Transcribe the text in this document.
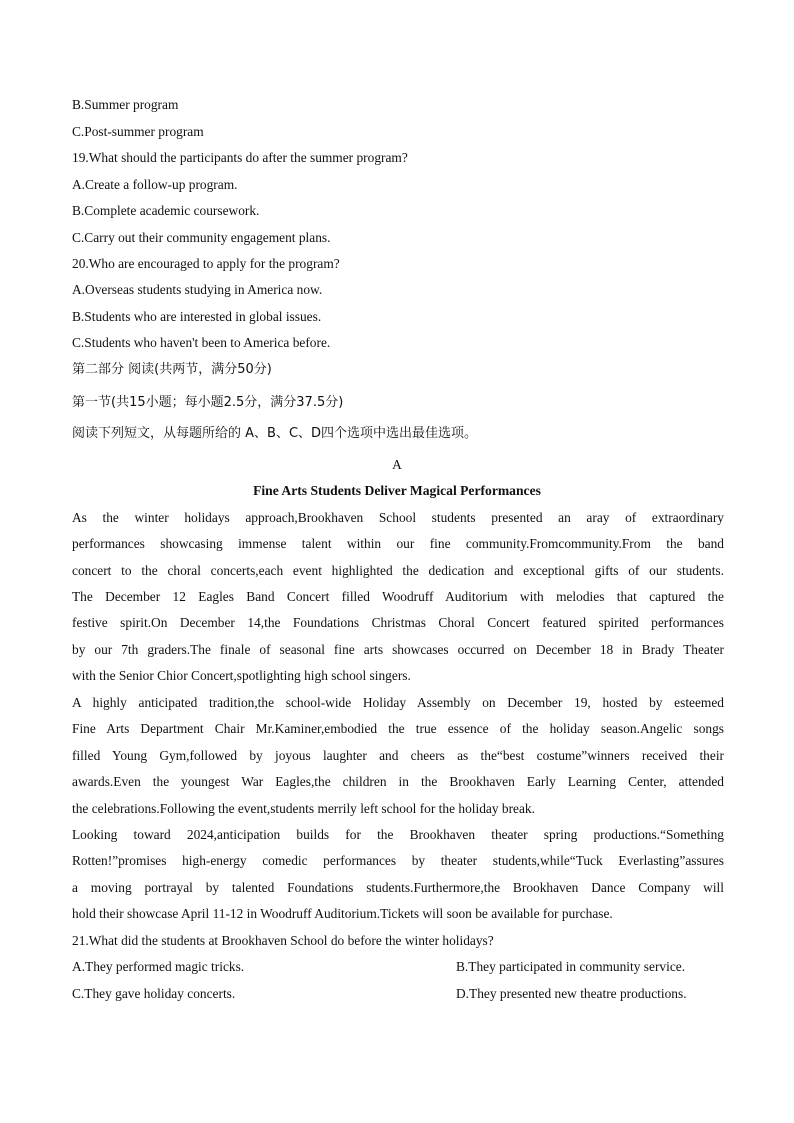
B.Summer program
C.Post-summer program
19.What should the participants do after the summer program?
A.Create a follow-up program.
B.Complete academic coursework.
C.Carry out their community engagement plans.
20.Who are encouraged to apply for the program?
A.Overseas students studying in America now.
B.Students who are interested in global issues.
C.Students who haven't been to America before.
第二部分 阅读(共两节，满分50分)
第一节(共15小题；每小题2.5分，满分37.5分)
阅读下列短文，从每题所给的 A、B、C、D四个选项中选出最佳选项。
A
Fine Arts Students Deliver Magical Performances
As the winter holidays approach,Brookhaven School students presented an aray of extraordinary
performances showcasing immense talent within our fine community.Fromcommunity.From the band
concert to the choral concerts,each event highlighted the dedication and exceptional gifts of our students.
The December 12 Eagles Band Concert filled Woodruff Auditorium with melodies that captured the
festive spirit.On December 14,the Foundations Christmas Choral Concert featured spirited performances
by our 7th graders.The finale of seasonal fine arts showcases occurred on December 18 in Brady Theater
with the Senior Chior Concert,spotlighting high school singers.
A highly anticipated tradition,the school-wide Holiday Assembly on December 19, hosted by esteemed
Fine Arts Department Chair Mr.Kaminer,embodied the true essence of the holiday season.Angelic songs
filled Young Gym,followed by joyous laughter and cheers as the“best costume”winners received their
awards.Even the youngest War Eagles,the children in the Brookhaven Early Learning Center, attended
the celebrations.Following the event,students merrily left school for the holiday break.
Looking toward 2024,anticipation builds for the Brookhaven theater spring productions.“Something
Rotten!”promises high-energy comedic performances by theater students,while“Tuck Everlasting”assures
a moving portrayal by talented Foundations students.Furthermore,the Brookhaven Dance Company will
hold their showcase April 11-12 in Woodruff Auditorium.Tickets will soon be available for purchase.
21.What did the students at Brookhaven School do before the winter holidays?
A.They performed magic tricks.	B.They participated in community service.
C.They gave holiday concerts.	D.They presented new theatre productions.
